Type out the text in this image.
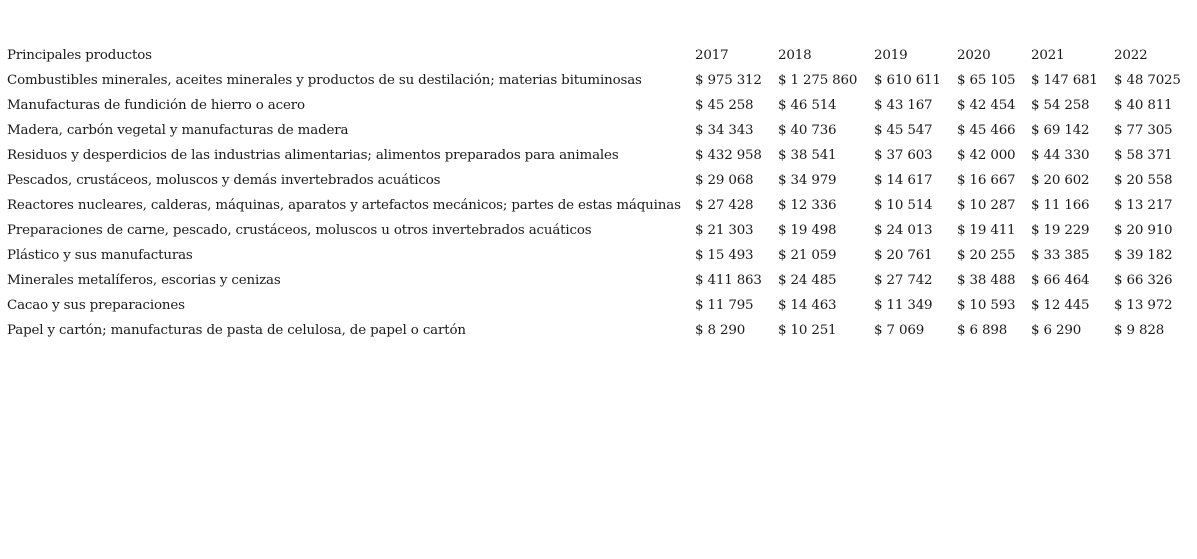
Principales productos	2017	2018	2019	2020	2021	2022
Combustibles minerales, aceites minerales y productos de su destilación; materias bituminosas	$ 975 312	$ 1 275 860	$ 610 611	$ 65 105	$ 147 681	$ 48 7025
Manufacturas de fundición de hierro o acero	$ 45 258	$ 46 514	$ 43 167	$ 42 454	$ 54 258	$ 40 811
Madera, carbón vegetal y manufacturas de madera	$ 34 343	$ 40 736	$ 45 547	$ 45 466	$ 69 142	$ 77 305
Residuos y desperdicios de las industrias alimentarias; alimentos preparados para animales	$ 432 958	$ 38 541	$ 37 603	$ 42 000	$ 44 330	$ 58 371
Pescados, crustáceos, moluscos y demás invertebrados acuáticos	$ 29 068	$ 34 979	$ 14 617	$ 16 667	$ 20 602	$ 20 558
Reactores nucleares, calderas, máquinas, aparatos y artefactos mecánicos; partes de estas máquinas	$ 27 428	$ 12 336	$ 10 514	$ 10 287	$ 11 166	$ 13 217
Preparaciones de carne, pescado, crustáceos, moluscos u otros invertebrados acuáticos	$ 21 303	$ 19 498	$ 24 013	$ 19 411	$ 19 229	$ 20 910
Plástico y sus manufacturas	$ 15 493	$ 21 059	$ 20 761	$ 20 255	$ 33 385	$ 39 182
Minerales metalíferos, escorias y cenizas	$ 411 863	$ 24 485	$ 27 742	$ 38 488	$ 66 464	$ 66 326
Cacao y sus preparaciones	$ 11 795	$ 14 463	$ 11 349	$ 10 593	$ 12 445	$ 13 972
Papel y cartón; manufacturas de pasta de celulosa, de papel o cartón	$ 8 290	$ 10 251	$ 7 069	$ 6 898	$ 6 290	$ 9 828
